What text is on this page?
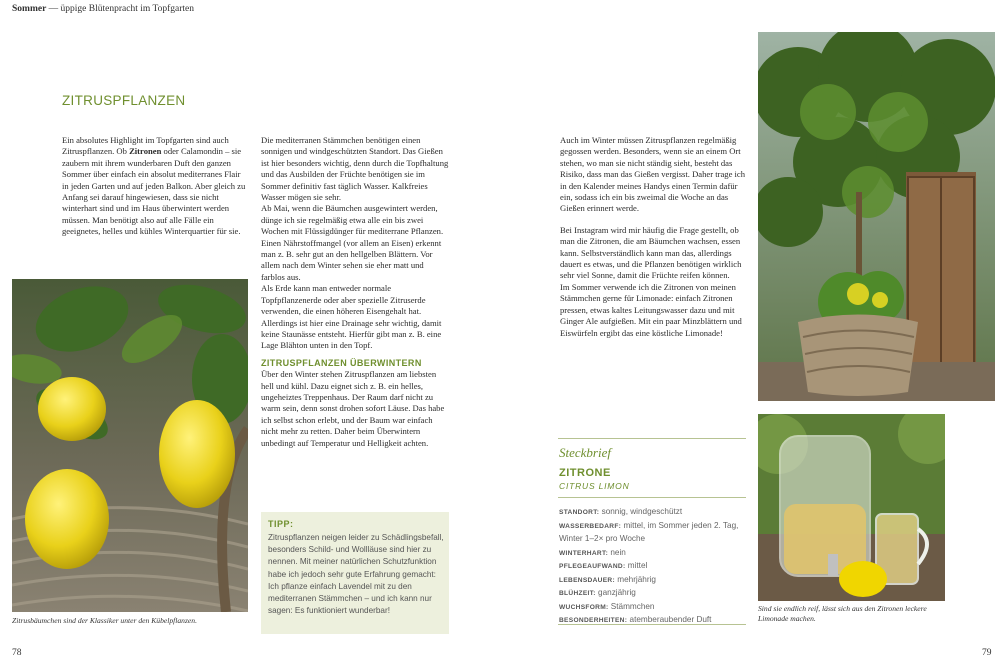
Sommer — üppige Blütenpracht im Topfgarten
ZITRUSPFLANZEN

Ein absolutes Highlight im Topfgarten sind auch Zitruspflanzen. Ob Zitronen oder Calamondin – sie zaubern mit ihrem wunderbaren Duft den ganzen Sommer über einfach ein absolut mediterranes Flair in jeden Garten und auf jeden Balkon. Aber gleich zu Anfang sei darauf hingewiesen, dass sie nicht winterhart sind und im Haus überwintert werden müssen. Man benötigt also auf alle Fälle ein geeignetes, helles und kühles Winterquartier für sie.

Zitrusbäumchen sind der Klassiker unter den Kübelpflanzen.

Die mediterranen Stämmchen benötigen einen sonnigen und windgeschützten Standort. Das Gießen ist hier besonders wichtig, denn durch die Topfhaltung und das Ausbilden der Früchte benötigen sie im Sommer definitiv fast täglich Wasser. Kalkfreies Wasser mögen sie sehr.

Ab Mai, wenn die Bäumchen ausgewintert werden, dünge ich sie regelmäßig etwa alle ein bis zwei Wochen mit Flüssigdünger für mediterrane Pflanzen. Einen Nährstoffmangel (vor allem an Eisen) erkennt man z. B. sehr gut an den hellgelben Blättern. Vor allem nach dem Winter sehen sie eher matt und farblos aus.

Als Erde kann man entweder normale Topfpflanzenerde oder aber spezielle Zitruserde verwenden, die einen höheren Eisengehalt hat. Allerdings ist hier eine Drainage sehr wichtig, damit keine Staunässe entsteht. Hierfür gibt man z. B. eine Lage Blähton unten in den Topf.

ZITRUSPFLANZEN ÜBERWINTERN

Über den Winter stehen Zitruspflanzen am liebsten hell und kühl. Dazu eignet sich z. B. ein helles, ungeheiztes Treppenhaus. Der Raum darf nicht zu warm sein, denn sonst drohen sofort Läuse. Das habe ich selbst schon erlebt, und der Baum war einfach nicht mehr zu retten. Daher beim Überwintern unbedingt auf Temperatur und Helligkeit achten.

TIPP:
Zitruspflanzen neigen leider zu Schädlingsbefall, besonders Schild- und Wollläuse sind hier zu nennen. Mit meiner natürlichen Schutzfunktion habe ich jedoch sehr gute Erfahrung gemacht: Ich pflanze einfach Lavendel mit zu den mediterranen Stämmchen – und ich kann nur sagen: Es funktioniert wunderbar!

Auch im Winter müssen Zitruspflanzen regelmäßig gegossen werden. Besonders, wenn sie an einem Ort stehen, wo man sie nicht ständig sieht, besteht das Risiko, dass man das Gießen vergisst. Daher trage ich in den Kalender meines Handys einen Termin dafür ein, sodass ich ein bis zweimal die Woche an das Gießen erinnert werde.

Bei Instagram wird mir häufig die Frage gestellt, ob man die Zitronen, die am Bäumchen wachsen, essen kann. Selbstverständlich kann man das, allerdings dauert es etwas, und die Pflanzen benötigen wirklich sehr viel Sonne, damit die Früchte reifen können.

Im Sommer verwende ich die Zitronen von meinen Stämmchen gerne für Limonade: einfach Zitronen pressen, etwas kaltes Leitungswasser dazu und mit Ginger Ale aufgießen. Mit ein paar Minzblättern und Eiswürfeln ergibt das eine köstliche Limonade!

Steckbrief
ZITRONE
CITRUS LIMON
STANDORT: sonnig, windgeschützt
WASSERBEDARF: mittel, im Sommer jeden 2. Tag,
Winter 1–2× pro Woche
WINTERHART: nein
PFLEGEAUFWAND: mittel
LEBENSDAUER: mehrjährig
BLÜHZEIT: ganzjährig
WUCHSFORM: Stämmchen
BESONDERHEITEN: atemberaubender Duft
Sind sie endlich reif, lässt sich aus den Zitronen leckere Limonade machen.
78	79
